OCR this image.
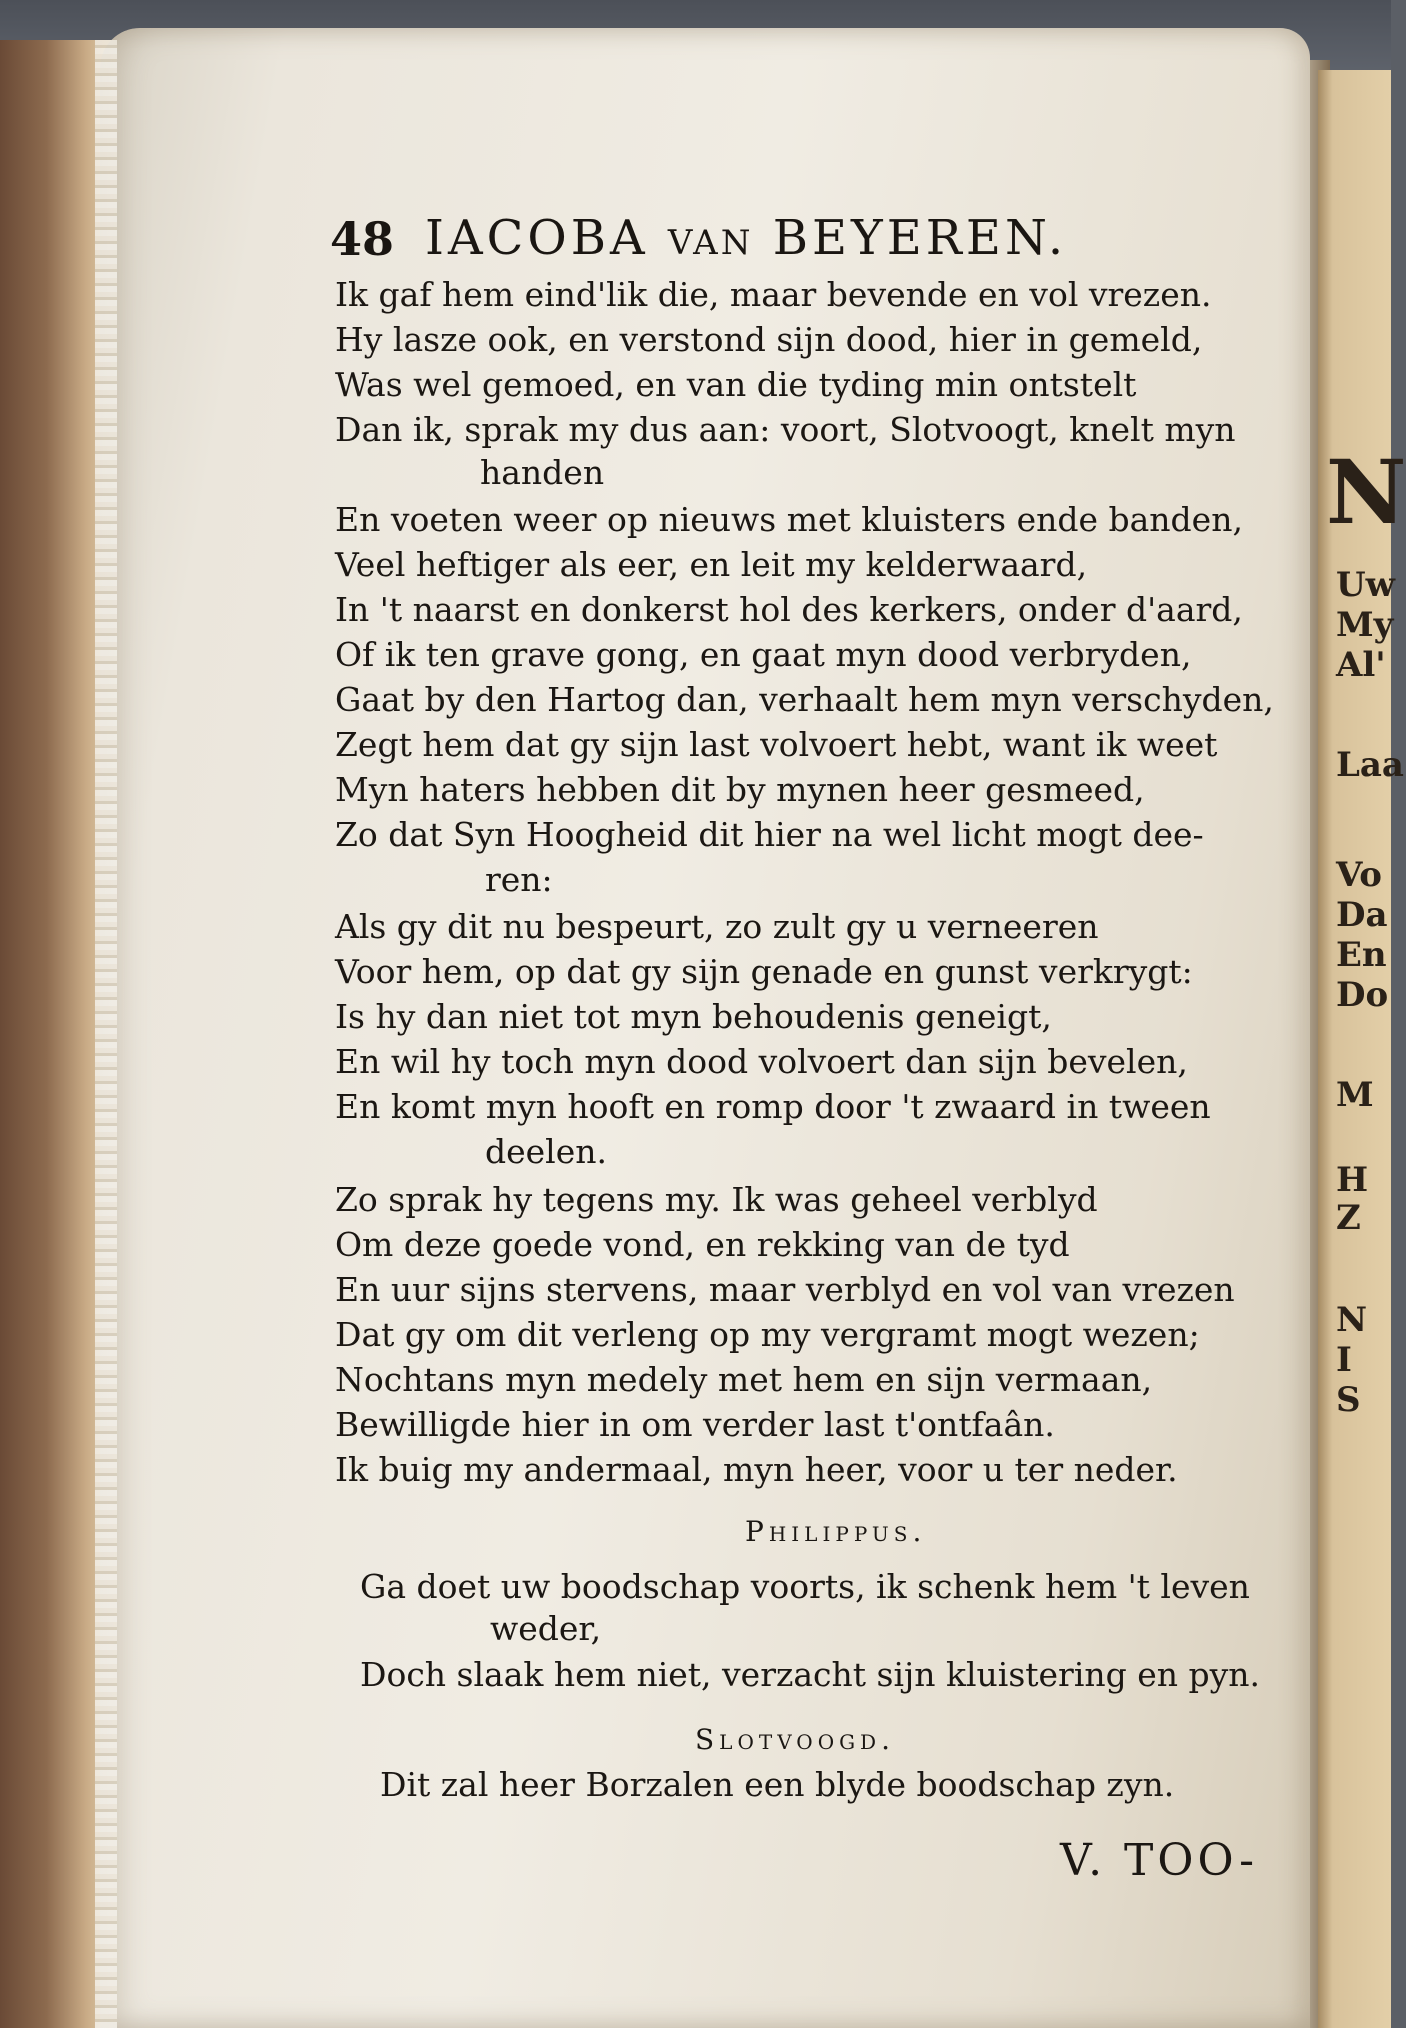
N
Uw
My
Al'
Laa
Vo
Da
En
Do
M
H
Z
N
I
S
48 IACOBA VAN BEYEREN.
Ik gaf hem eind'lik die, maar bevende en vol vrezen.
Hy lasze ook, en verstond sijn dood, hier in gemeld,
Was wel gemoed, en van die tyding min ontstelt
Dan ik, sprak my dus aan: voort, Slotvoogt, knelt myn
handen
En voeten weer op nieuws met kluisters ende banden,
Veel heftiger als eer, en leit my kelderwaard,
In 't naarst en donkerst hol des kerkers, onder d'aard,
Of ik ten grave gong, en gaat myn dood verbryden,
Gaat by den Hartog dan, verhaalt hem myn verschyden,
Zegt hem dat gy sijn last volvoert hebt, want ik weet
Myn haters hebben dit by mynen heer gesmeed,
Zo dat Syn Hoogheid dit hier na wel licht mogt dee-
ren:
Als gy dit nu bespeurt, zo zult gy u verneeren
Voor hem, op dat gy sijn genade en gunst verkrygt:
Is hy dan niet tot myn behoudenis geneigt,
En wil hy toch myn dood volvoert dan sijn bevelen,
En komt myn hooft en romp door 't zwaard in tween
deelen.
Zo sprak hy tegens my. Ik was geheel verblyd
Om deze goede vond, en rekking van de tyd
En uur sijns stervens, maar verblyd en vol van vrezen
Dat gy om dit verleng op my vergramt mogt wezen;
Nochtans myn medely met hem en sijn vermaan,
Bewilligde hier in om verder last t'ontfaân.
Ik buig my andermaal, myn heer, voor u ter neder.
Philippus.
Ga doet uw boodschap voorts, ik schenk hem 't leven
weder,
Doch slaak hem niet, verzacht sijn kluistering en pyn.
Slotvoogd.
Dit zal heer Borzalen een blyde boodschap zyn.
V. TOO-
